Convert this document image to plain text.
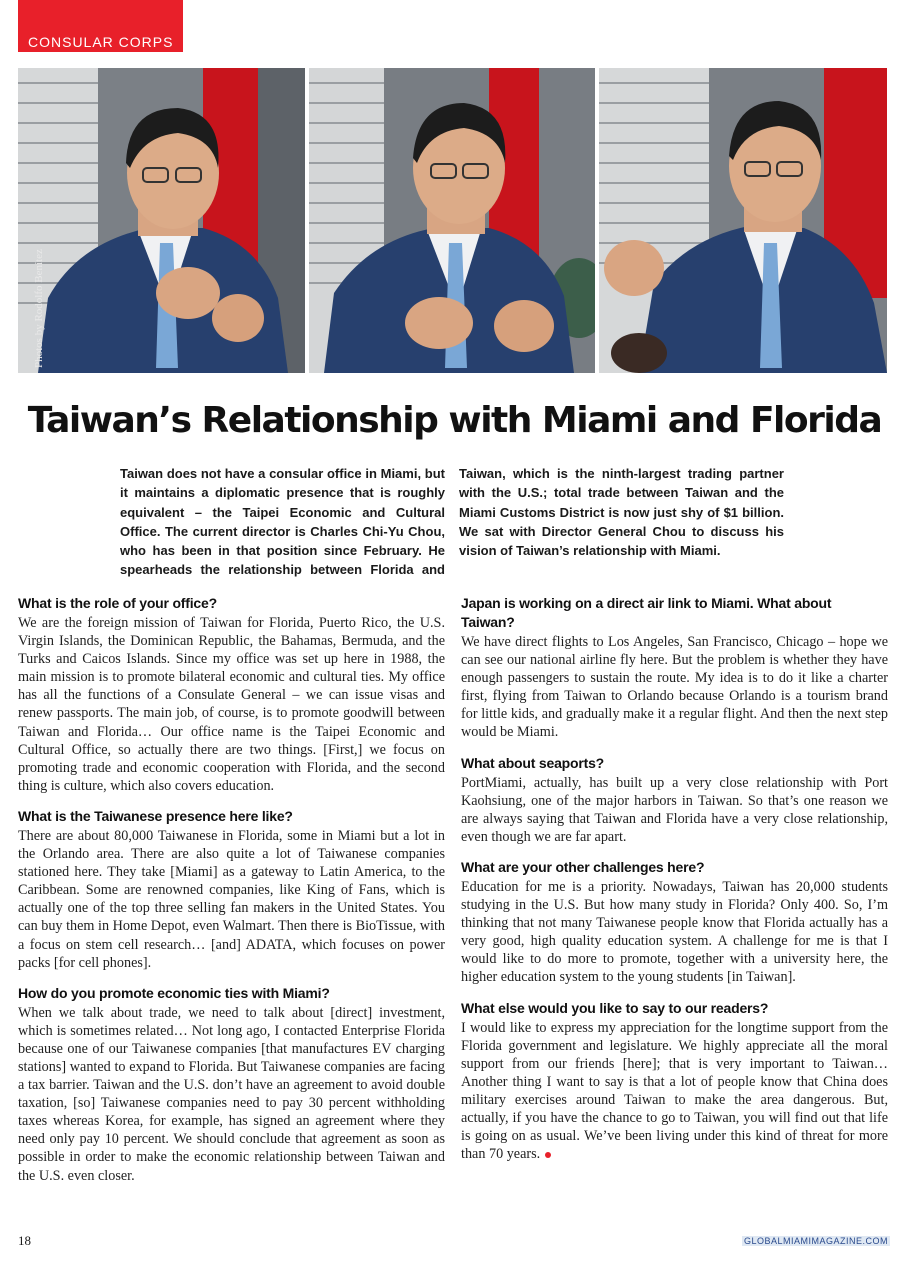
CONSULAR CORPS
Photos by Rodolfo Benítez
Taiwan’s Relationship with Miami and Florida

Taiwan does not have a consular office in Miami, but it maintains a diplomatic presence that is roughly equivalent – the Taipei Economic and Cultural Office. The current director is Charles Chi-Yu Chou, who has been in that position since February. He spearheads the relationship between Florida and Taiwan, which is the ninth-largest trading partner with the U.S.; total trade between Taiwan and the Miami Customs District is now just shy of $1 billion. We sat with Director General Chou to discuss his vision of Taiwan’s relationship with Miami.

What is the role of your office?

We are the foreign mission of Taiwan for Florida, Puerto Rico, the U.S. Virgin Islands, the Dominican Republic, the Bahamas, Bermuda, and the Turks and Caicos Islands. Since my office was set up here in 1988, the main mission is to promote bilateral economic and cultural ties. My office has all the functions of a Consulate General – we can issue visas and renew passports. The main job, of course, is to promote goodwill between Taiwan and Florida… Our office name is the Taipei Economic and Cultural Office, so actually there are two things. [First,] we focus on promoting trade and economic cooperation with Florida, and the second thing is culture, which also covers education.

What is the Taiwanese presence here like?

There are about 80,000 Taiwanese in Florida, some in Miami but a lot in the Orlando area. There are also quite a lot of Taiwanese companies stationed here. They take [Miami] as a gateway to Latin America, to the Caribbean. Some are renowned companies, like King of Fans, which is actually one of the top three selling fan makers in the United States. You can buy them in Home Depot, even Walmart. Then there is BioTissue, with a focus on stem cell research… [and] ADATA, which focuses on power packs [for cell phones].

How do you promote economic ties with Miami?

When we talk about trade, we need to talk about [direct] investment, which is sometimes related… Not long ago, I contacted Enterprise Florida because one of our Taiwanese companies [that manufactures EV charging stations] wanted to expand to Florida. But Taiwanese companies are facing a tax barrier. Taiwan and the U.S. don’t have an agreement to avoid double taxation, [so] Taiwanese companies need to pay 30 percent withholding taxes whereas Korea, for example, has signed an agreement where they need only pay 10 percent. We should conclude that agreement as soon as possible in order to make the economic relationship between Taiwan and the U.S. even closer.

Japan is working on a direct air link to Miami. What about Taiwan?

We have direct flights to Los Angeles, San Francisco, Chicago – hope we can see our national airline fly here. But the problem is whether they have enough passengers to sustain the route. My idea is to do it like a charter first, flying from Taiwan to Orlando because Orlando is a tourism brand for little kids, and gradually make it a regular flight. And then the next step would be Miami.

What about seaports?

PortMiami, actually, has built up a very close relationship with Port Kaohsiung, one of the major harbors in Taiwan. So that’s one reason we are always saying that Taiwan and Florida have a very close relationship, even though we are far apart.

What are your other challenges here?

Education for me is a priority. Nowadays, Taiwan has 20,000 students studying in the U.S. But how many study in Florida? Only 400. So, I’m thinking that not many Taiwanese people know that Florida actually has a very good, high quality education system. A challenge for me is that I would like to do more to promote, together with a university here, the higher education system to the young students [in Taiwan].

What else would you like to say to our readers?

I would like to express my appreciation for the longtime support from the Florida government and legislature. We highly appreciate all the moral support from our friends [here]; that is very important to Taiwan… Another thing I want to say is that a lot of people know that China does military exercises around Taiwan to make the area dangerous. But, actually, if you have the chance to go to Taiwan, you will find out that life is going on as usual. We’ve been living under this kind of threat for more than 70 years.

18	GLOBALMIAMIMAGAZINE.COM
